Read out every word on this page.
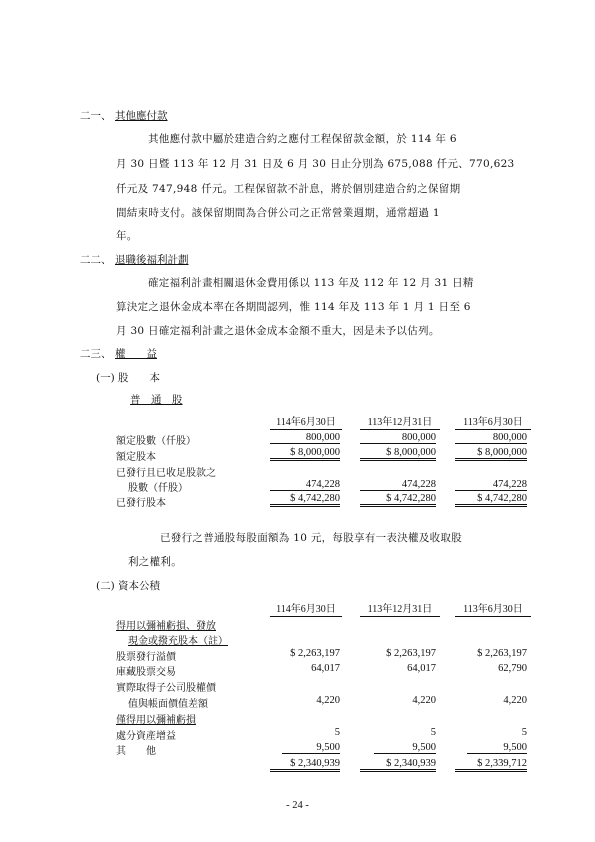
二一、 其他應付款
其他應付款中屬於建造合約之應付工程保留款金額，於 114 年 6
月 30 日暨 113 年 12 月 31 日及 6 月 30 日止分別為 675,088 仟元、770,623
仟元及 747,948 仟元。工程保留款不計息，將於個別建造合約之保留期
間結束時支付。該保留期間為合併公司之正常營業週期，通常超過 1
年。
二二、 退職後福利計劃
確定福利計畫相關退休金費用係以 113 年及 112 年 12 月 31 日精
算決定之退休金成本率在各期間認列，惟 114 年及 113 年 1 月 1 日至 6
月 30 日確定福利計畫之退休金成本金額不重大，因是未予以估列。
二三、 權　　益
(一) 股　　本
普　通　股
114年6月30日	113年12月31日	113年6月30日
額定股數（仟股）	800,000	800,000	800,000
額定股本	$ 8,000,000	$ 8,000,000	$ 8,000,000
已發行且已收足股款之
股數（仟股）	474,228	474,228	474,228
已發行股本	$ 4,742,280	$ 4,742,280	$ 4,742,280
已發行之普通股每股面額為 10 元，每股享有一表決權及收取股
利之權利。
(二) 資本公積
114年6月30日	113年12月31日	113年6月30日
得用以彌補虧損、發放
現金或撥充股本（註）
股票發行溢價	$ 2,263,197	$ 2,263,197	$ 2,263,197
庫藏股票交易	64,017	64,017	62,790
實際取得子公司股權價
值與帳面價值差額	4,220	4,220	4,220
僅得用以彌補虧損
處分資產增益	5	5	5
其　　他	9,500	9,500	9,500
$ 2,340,939	$ 2,340,939	$ 2,339,712
- 24 -
